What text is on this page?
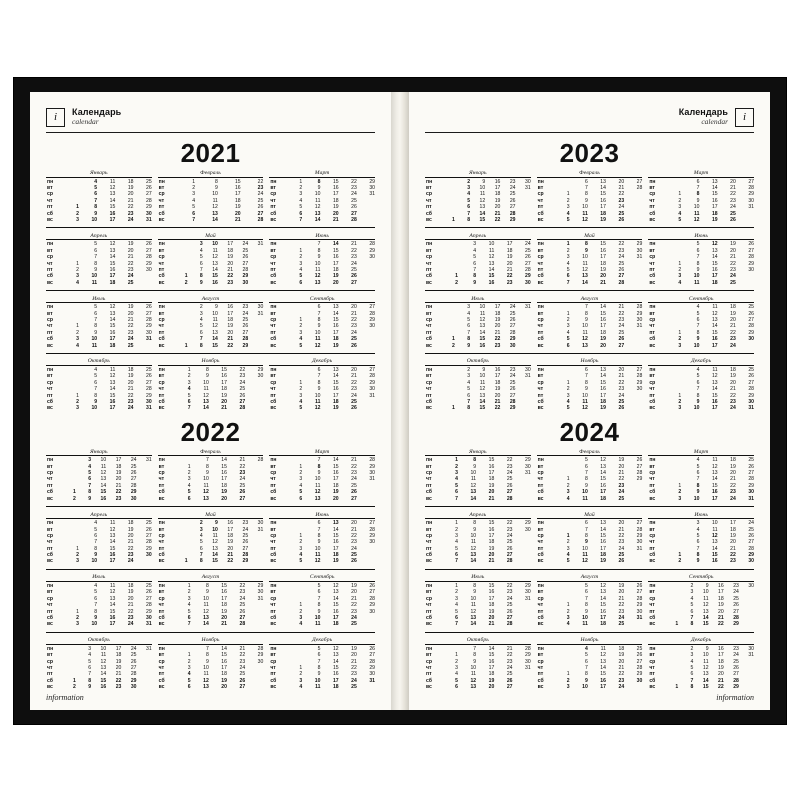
i	Календарь
calendar
2021
Январь
пн		4	11	18	25
вт		5	12	19	26
ср		6	13	20	27
чт		7	14	21	28
пт	1	8	15	22	29
сб	2	9	16	23	30
вс	3	10	17	24	31
Февраль
пн	1	8	15	22
вт	2	9	16	23
ср	3	10	17	24
чт	4	11	18	25
пт	5	12	19	26
сб	6	13	20	27
вс	7	14	21	28
Март
пн	1	8	15	22	29
вт	2	9	16	23	30
ср	3	10	17	24	31
чт	4	11	18	25	
пт	5	12	19	26	
сб	6	13	20	27	
вс	7	14	21	28	
Апрель
пн		5	12	19	26
вт		6	13	20	27
ср		7	14	21	28
чт	1	8	15	22	29
пт	2	9	16	23	30
сб	3	10	17	24	
вс	4	11	18	25	
Май
пн		3	10	17	24	31
вт		4	11	18	25	
ср		5	12	19	26	
чт		6	13	20	27	
пт		7	14	21	28	
сб	1	8	15	22	29	
вс	2	9	16	23	30	
Июнь
пн		7	14	21	28
вт	1	8	15	22	29
ср	2	9	16	23	30
чт	3	10	17	24	
пт	4	11	18	25	
сб	5	12	19	26	
вс	6	13	20	27	
Июль
пн		5	12	19	26
вт		6	13	20	27
ср		7	14	21	28
чт	1	8	15	22	29
пт	2	9	16	23	30
сб	3	10	17	24	31
вс	4	11	18	25	
Август
пн		2	9	16	23	30
вт		3	10	17	24	31
ср		4	11	18	25	
чт		5	12	19	26	
пт		6	13	20	27	
сб		7	14	21	28	
вс	1	8	15	22	29	
Сентябрь
пн		6	13	20	27
вт		7	14	21	28
ср	1	8	15	22	29
чт	2	9	16	23	30
пт	3	10	17	24	
сб	4	11	18	25	
вс	5	12	19	26	
Октябрь
пн		4	11	18	25
вт		5	12	19	26
ср		6	13	20	27
чт		7	14	21	28
пт	1	8	15	22	29
сб	2	9	16	23	30
вс	3	10	17	24	31
Ноябрь
пн	1	8	15	22	29
вт	2	9	16	23	30
ср	3	10	17	24	
чт	4	11	18	25	
пт	5	12	19	26	
сб	6	13	20	27	
вс	7	14	21	28	
Декабрь
пн		6	13	20	27
вт		7	14	21	28
ср	1	8	15	22	29
чт	2	9	16	23	30
пт	3	10	17	24	31
сб	4	11	18	25	
вс	5	12	19	26	
2022
Январь
пн		3	10	17	24	31
вт		4	11	18	25	
ср		5	12	19	26	
чт		6	13	20	27	
пт		7	14	21	28	
сб	1	8	15	22	29	
вс	2	9	16	23	30	
Февраль
пн		7	14	21	28
вт	1	8	15	22	
ср	2	9	16	23	
чт	3	10	17	24	
пт	4	11	18	25	
сб	5	12	19	26	
вс	6	13	20	27	
Март
пн		7	14	21	28
вт	1	8	15	22	29
ср	2	9	16	23	30
чт	3	10	17	24	31
пт	4	11	18	25	
сб	5	12	19	26	
вс	6	13	20	27	
Апрель
пн		4	11	18	25
вт		5	12	19	26
ср		6	13	20	27
чт		7	14	21	28
пт	1	8	15	22	29
сб	2	9	16	23	30
вс	3	10	17	24	
Май
пн		2	9	16	23	30
вт		3	10	17	24	31
ср		4	11	18	25	
чт		5	12	19	26	
пт		6	13	20	27	
сб		7	14	21	28	
вс	1	8	15	22	29	
Июнь
пн		6	13	20	27
вт		7	14	21	28
ср	1	8	15	22	29
чт	2	9	16	23	30
пт	3	10	17	24	
сб	4	11	18	25	
вс	5	12	19	26	
Июль
пн		4	11	18	25
вт		5	12	19	26
ср		6	13	20	27
чт		7	14	21	28
пт	1	8	15	22	29
сб	2	9	16	23	30
вс	3	10	17	24	31
Август
пн	1	8	15	22	29
вт	2	9	16	23	30
ср	3	10	17	24	31
чт	4	11	18	25	
пт	5	12	19	26	
сб	6	13	20	27	
вс	7	14	21	28	
Сентябрь
пн		5	12	19	26
вт		6	13	20	27
ср		7	14	21	28
чт	1	8	15	22	29
пт	2	9	16	23	30
сб	3	10	17	24	
вс	4	11	18	25	
Октябрь
пн		3	10	17	24	31
вт		4	11	18	25	
ср		5	12	19	26	
чт		6	13	20	27	
пт		7	14	21	28	
сб	1	8	15	22	29	
вс	2	9	16	23	30	
Ноябрь
пн		7	14	21	28
вт	1	8	15	22	29
ср	2	9	16	23	30
чт	3	10	17	24	
пт	4	11	18	25	
сб	5	12	19	26	
вс	6	13	20	27	
Декабрь
пн		5	12	19	26
вт		6	13	20	27
ср		7	14	21	28
чт	1	8	15	22	29
пт	2	9	16	23	30
сб	3	10	17	24	31
вс	4	11	18	25	
information
Календарь
calendar	i
2023
Январь
пн		2	9	16	23	30
вт		3	10	17	24	31
ср		4	11	18	25	
чт		5	12	19	26	
пт		6	13	20	27	
сб		7	14	21	28	
вс	1	8	15	22	29	
Февраль
пн		6	13	20	27
вт		7	14	21	28
ср	1	8	15	22	
чт	2	9	16	23	
пт	3	10	17	24	
сб	4	11	18	25	
вс	5	12	19	26	
Март
пн		6	13	20	27
вт		7	14	21	28
ср	1	8	15	22	29
чт	2	9	16	23	30
пт	3	10	17	24	31
сб	4	11	18	25	
вс	5	12	19	26	
Апрель
пн		3	10	17	24
вт		4	11	18	25
ср		5	12	19	26
чт		6	13	20	27
пт		7	14	21	28
сб	1	8	15	22	29
вс	2	9	16	23	30
Май
пн	1	8	15	22	29
вт	2	9	16	23	30
ср	3	10	17	24	31
чт	4	11	18	25	
пт	5	12	19	26	
сб	6	13	20	27	
вс	7	14	21	28	
Июнь
пн		5	12	19	26
вт		6	13	20	27
ср		7	14	21	28
чт	1	8	15	22	29
пт	2	9	16	23	30
сб	3	10	17	24	
вс	4	11	18	25	
Июль
пн		3	10	17	24	31
вт		4	11	18	25	
ср		5	12	19	26	
чт		6	13	20	27	
пт		7	14	21	28	
сб	1	8	15	22	29	
вс	2	9	16	23	30	
Август
пн		7	14	21	28
вт	1	8	15	22	29
ср	2	9	16	23	30
чт	3	10	17	24	31
пт	4	11	18	25	
сб	5	12	19	26	
вс	6	13	20	27	
Сентябрь
пн		4	11	18	25
вт		5	12	19	26
ср		6	13	20	27
чт		7	14	21	28
пт	1	8	15	22	29
сб	2	9	16	23	30
вс	3	10	17	24	
Октябрь
пн		2	9	16	23	30
вт		3	10	17	24	31
ср		4	11	18	25	
чт		5	12	19	26	
пт		6	13	20	27	
сб		7	14	21	28	
вс	1	8	15	22	29	
Ноябрь
пн		6	13	20	27
вт		7	14	21	28
ср	1	8	15	22	29
чт	2	9	16	23	30
пт	3	10	17	24	
сб	4	11	18	25	
вс	5	12	19	26	
Декабрь
пн		4	11	18	25
вт		5	12	19	26
ср		6	13	20	27
чт		7	14	21	28
пт	1	8	15	22	29
сб	2	9	16	23	30
вс	3	10	17	24	31
2024
Январь
пн	1	8	15	22	29
вт	2	9	16	23	30
ср	3	10	17	24	31
чт	4	11	18	25	
пт	5	12	19	26	
сб	6	13	20	27	
вс	7	14	21	28	
Февраль
пн		5	12	19	26
вт		6	13	20	27
ср		7	14	21	28
чт	1	8	15	22	29
пт	2	9	16	23	
сб	3	10	17	24	
вс	4	11	18	25	
Март
пн		4	11	18	25
вт		5	12	19	26
ср		6	13	20	27
чт		7	14	21	28
пт	1	8	15	22	29
сб	2	9	16	23	30
вс	3	10	17	24	31
Апрель
пн	1	8	15	22	29
вт	2	9	16	23	30
ср	3	10	17	24	
чт	4	11	18	25	
пт	5	12	19	26	
сб	6	13	20	27	
вс	7	14	21	28	
Май
пн		6	13	20	27
вт		7	14	21	28
ср	1	8	15	22	29
чт	2	9	16	23	30
пт	3	10	17	24	31
сб	4	11	18	25	
вс	5	12	19	26	
Июнь
пн		3	10	17	24
вт		4	11	18	25
ср		5	12	19	26
чт		6	13	20	27
пт		7	14	21	28
сб	1	8	15	22	29
вс	2	9	16	23	30
Июль
пн	1	8	15	22	29
вт	2	9	16	23	30
ср	3	10	17	24	31
чт	4	11	18	25	
пт	5	12	19	26	
сб	6	13	20	27	
вс	7	14	21	28	
Август
пн		5	12	19	26
вт		6	13	20	27
ср		7	14	21	28
чт	1	8	15	22	29
пт	2	9	16	23	30
сб	3	10	17	24	31
вс	4	11	18	25	
Сентябрь
пн		2	9	16	23	30
вт		3	10	17	24	
ср		4	11	18	25	
чт		5	12	19	26	
пт		6	13	20	27	
сб		7	14	21	28	
вс	1	8	15	22	29	
Октябрь
пн		7	14	21	28
вт	1	8	15	22	29
ср	2	9	16	23	30
чт	3	10	17	24	31
пт	4	11	18	25	
сб	5	12	19	26	
вс	6	13	20	27	
Ноябрь
пн		4	11	18	25
вт		5	12	19	26
ср		6	13	20	27
чт		7	14	21	28
пт	1	8	15	22	29
сб	2	9	16	23	30
вс	3	10	17	24	
Декабрь
пн		2	9	16	23	30
вт		3	10	17	24	31
ср		4	11	18	25	
чт		5	12	19	26	
пт		6	13	20	27	
сб		7	14	21	28	
вс	1	8	15	22	29	
information
